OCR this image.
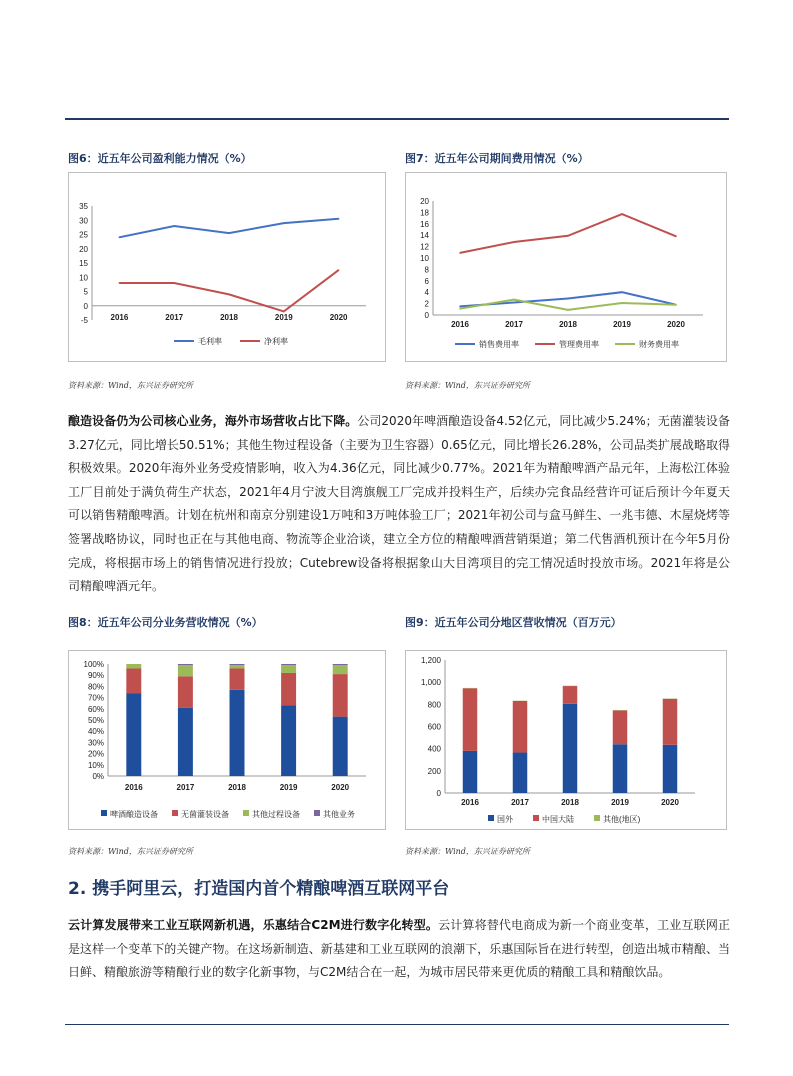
图6：近五年公司盈利能力情况（%）
35
30
25
20
15
10
5
0
-5	2016	2017	2018	2019	2020
毛利率	净利率
资料来源：Wind，东兴证券研究所
图7：近五年公司期间费用情况（%）
20
18
16
14
12
10
8
6
4
2
0
2016	2017	2018	2019	2020
销售费用率	管理费用率	财务费用率
资料来源：Wind，东兴证券研究所
酿造设备仍为公司核心业务，海外市场营收占比下降。公司2020年啤酒酿造设备4.52亿元，同比减少5.24%；无菌灌装设备3.27亿元，同比增长50.51%；其他生物过程设备（主要为卫生容器）0.65亿元，同比增长26.28%，公司品类扩展战略取得积极效果。2020年海外业务受疫情影响，收入为4.36亿元，同比减少0.77%。2021年为精酿啤酒产品元年，上海松江体验工厂目前处于满负荷生产状态，2021年4月宁波大目湾旗舰工厂完成并投料生产，后续办完食品经营许可证后预计今年夏天可以销售精酿啤酒。计划在杭州和南京分别建设1万吨和3万吨体验工厂；2021年初公司与盒马鲜生、一兆韦德、木屋烧烤等签署战略协议，同时也正在与其他电商、物流等企业洽谈，建立全方位的精酿啤酒营销渠道；第二代售酒机预计在今年5月份完成，将根据市场上的销售情况进行投放；Cutebrew设备将根据象山大目湾项目的完工情况适时投放市场。2021年将是公司精酿啤酒元年。
图8：近五年公司分业务营收情况（%）
100%
90%
80%
70%
60%
50%
40%
30%
20%
10%
0%
2016	2017	2018	2019	2020
啤酒酿造设备	无菌灌装设备	其他过程设备	其他业务
资料来源：Wind，东兴证券研究所
图9：近五年公司分地区营收情况（百万元）
1,200
1,000
800
600
400
200
0
2016	2017	2018	2019	2020
国外	中国大陆	其他(地区)
资料来源：Wind，东兴证券研究所
2. 携手阿里云，打造国内首个精酿啤酒互联网平台
云计算发展带来工业互联网新机遇，乐惠结合C2M进行数字化转型。云计算将替代电商成为新一个商业变革，工业互联网正是这样一个变革下的关键产物。在这场新制造、新基建和工业互联网的浪潮下，乐惠国际旨在进行转型，创造出城市精酿、当日鲜、精酿旅游等精酿行业的数字化新事物，与C2M结合在一起，为城市居民带来更优质的精酿工具和精酿饮品。
